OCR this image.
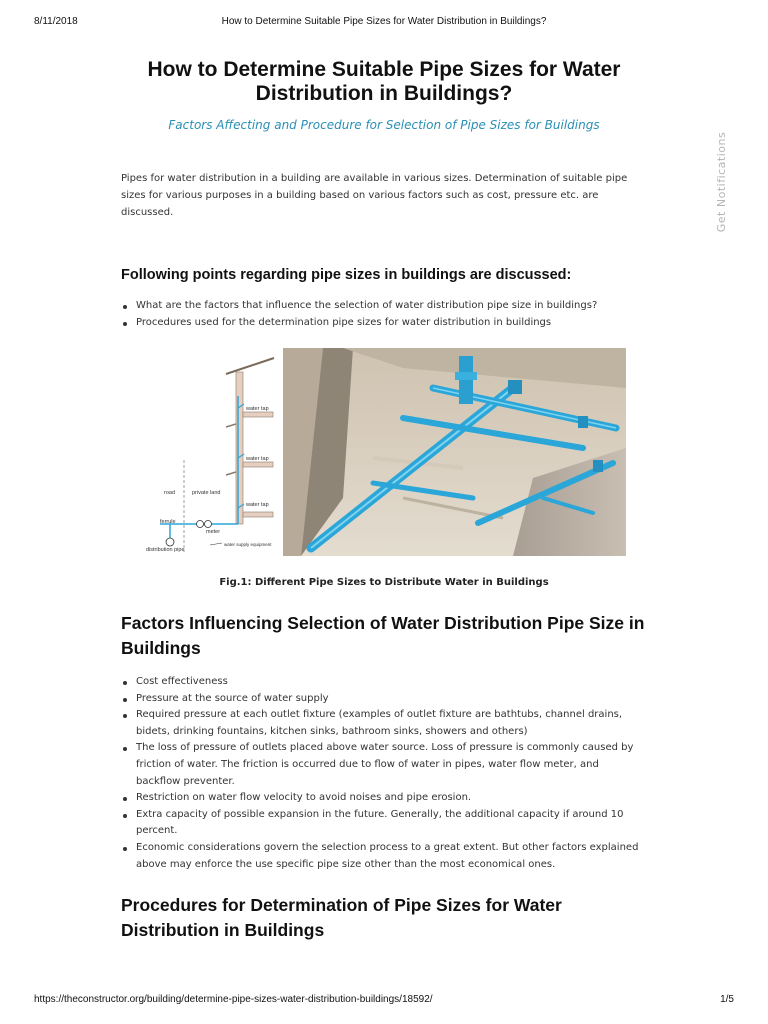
8/11/2018	How to Determine Suitable Pipe Sizes for Water Distribution in Buildings?
How to Determine Suitable Pipe Sizes for Water Distribution in Buildings?
Factors Affecting and Procedure for Selection of Pipe Sizes for Buildings
Get Notifications

Pipes for water distribution in a building are available in various sizes. Determination of suitable pipe sizes for various purposes in a building based on various factors such as cost, pressure etc. are discussed.

Following points regarding pipe sizes in buildings are discussed:
What are the factors that influence the selection of water distribution pipe size in buildings?
Procedures used for the determination pipe sizes for water distribution in buildings
water tap
water tap
water tap
road	private land
ferrule
meter
distribution pipe
water supply equipment
Fig.1: Different Pipe Sizes to Distribute Water in Buildings
Factors Influencing Selection of Water Distribution Pipe Size in Buildings
Cost effectiveness
Pressure at the source of water supply
Required pressure at each outlet fixture (examples of outlet fixture are bathtubs, channel drains, bidets, drinking fountains, kitchen sinks, bathroom sinks, showers and others)
The loss of pressure of outlets placed above water source. Loss of pressure is commonly caused by friction of water. The friction is occurred due to flow of water in pipes, water flow meter, and backflow preventer.
Restriction on water flow velocity to avoid noises and pipe erosion.
Extra capacity of possible expansion in the future. Generally, the additional capacity if around 10 percent.
Economic considerations govern the selection process to a great extent. But other factors explained above may enforce the use specific pipe size other than the most economical ones.
Procedures for Determination of Pipe Sizes for Water Distribution in Buildings
https://theconstructor.org/building/determine-pipe-sizes-water-distribution-buildings/18592/	1/5
